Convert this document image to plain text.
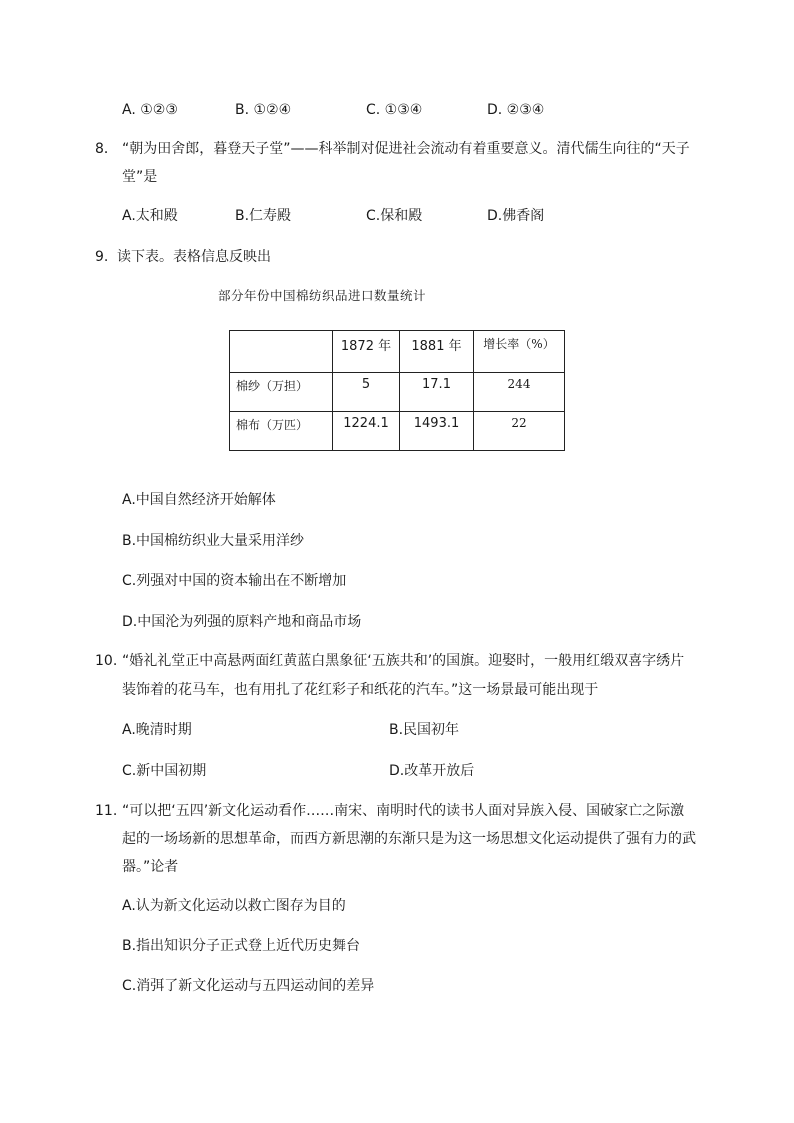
A. ①②③	B. ①②④	C. ①③④	D. ②③④
8． “朝为田舍郎，暮登天子堂”——科举制对促进社会流动有着重要意义。清代儒生向往的“天子
堂”是
A.太和殿	B.仁寿殿	C.保和殿	D.佛香阁
9. 读下表。表格信息反映出
部分年份中国棉纺织品进口数量统计
	1872 年	1881 年	增长率（%）
棉纱（万担）	5	17.1	244
棉布（万匹）	1224.1	1493.1	22
A.中国自然经济开始解体
B.中国棉纺织业大量采用洋纱
C.列强对中国的资本输出在不断增加
D.中国沦为列强的原料产地和商品市场
10. “婚礼礼堂正中高悬两面红黄蓝白黑象征‘五族共和’的国旗。迎娶时，一般用红缎双喜字绣片
装饰着的花马车，也有用扎了花红彩子和纸花的汽车。”这一场景最可能出现于
A.晚清时期	B.民国初年
C.新中国初期	D.改革开放后
11. “可以把‘五四’新文化运动看作……南宋、南明时代的读书人面对异族入侵、国破家亡之际激
起的一场场新的思想革命，而西方新思潮的东渐只是为这一场思想文化运动提供了强有力的武
器。”论者
A.认为新文化运动以救亡图存为目的
B.指出知识分子正式登上近代历史舞台
C.消弭了新文化运动与五四运动间的差异
